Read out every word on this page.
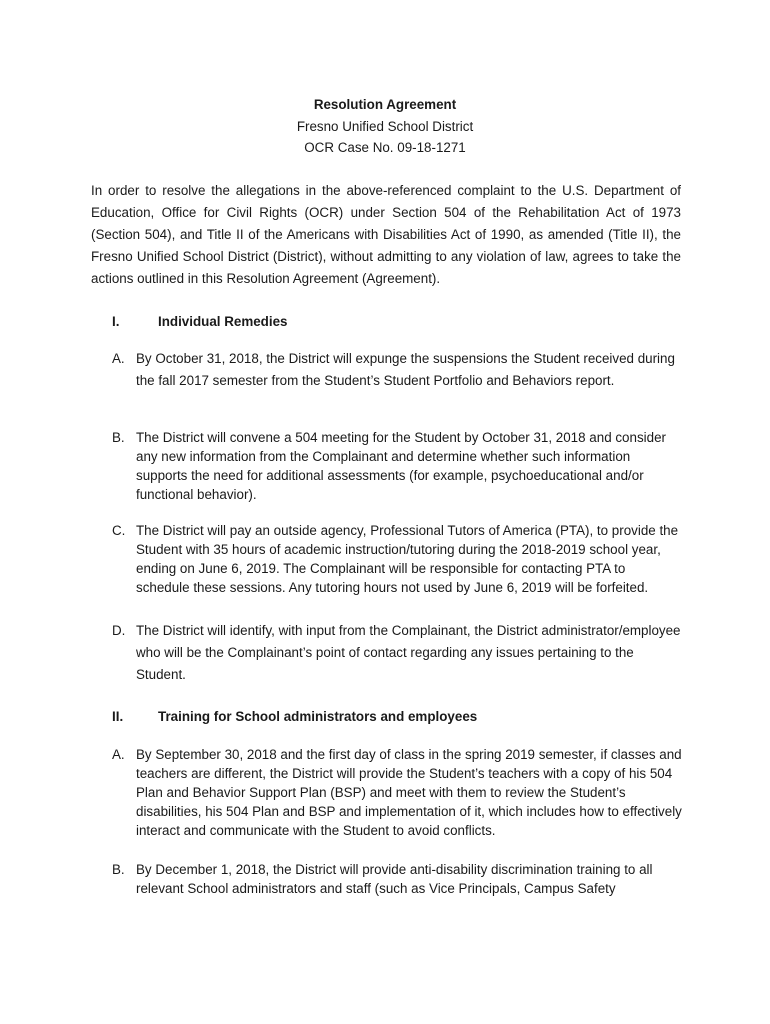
Resolution Agreement
Fresno Unified School District
OCR Case No. 09-18-1271
In order to resolve the allegations in the above-referenced complaint to the U.S. Department of Education, Office for Civil Rights (OCR) under Section 504 of the Rehabilitation Act of 1973 (Section 504), and Title II of the Americans with Disabilities Act of 1990, as amended (Title II), the Fresno Unified School District (District), without admitting to any violation of law, agrees to take the actions outlined in this Resolution Agreement (Agreement).
I.	Individual Remedies
A. By October 31, 2018, the District will expunge the suspensions the Student received during the fall 2017 semester from the Student’s Student Portfolio and Behaviors report.
B. The District will convene a 504 meeting for the Student by October 31, 2018 and consider any new information from the Complainant and determine whether such information supports the need for additional assessments (for example, psychoeducational and/or functional behavior).
C. The District will pay an outside agency, Professional Tutors of America (PTA), to provide the Student with 35 hours of academic instruction/tutoring during the 2018-2019 school year, ending on June 6, 2019. The Complainant will be responsible for contacting PTA to schedule these sessions. Any tutoring hours not used by June 6, 2019 will be forfeited.
D. The District will identify, with input from the Complainant, the District administrator/employee who will be the Complainant’s point of contact regarding any issues pertaining to the Student.
II.	Training for School administrators and employees
A. By September 30, 2018 and the first day of class in the spring 2019 semester, if classes and teachers are different, the District will provide the Student’s teachers with a copy of his 504 Plan and Behavior Support Plan (BSP) and meet with them to review the Student’s disabilities, his 504 Plan and BSP and implementation of it, which includes how to effectively interact and communicate with the Student to avoid conflicts.
B. By December 1, 2018, the District will provide anti-disability discrimination training to all relevant School administrators and staff (such as Vice Principals, Campus Safety
